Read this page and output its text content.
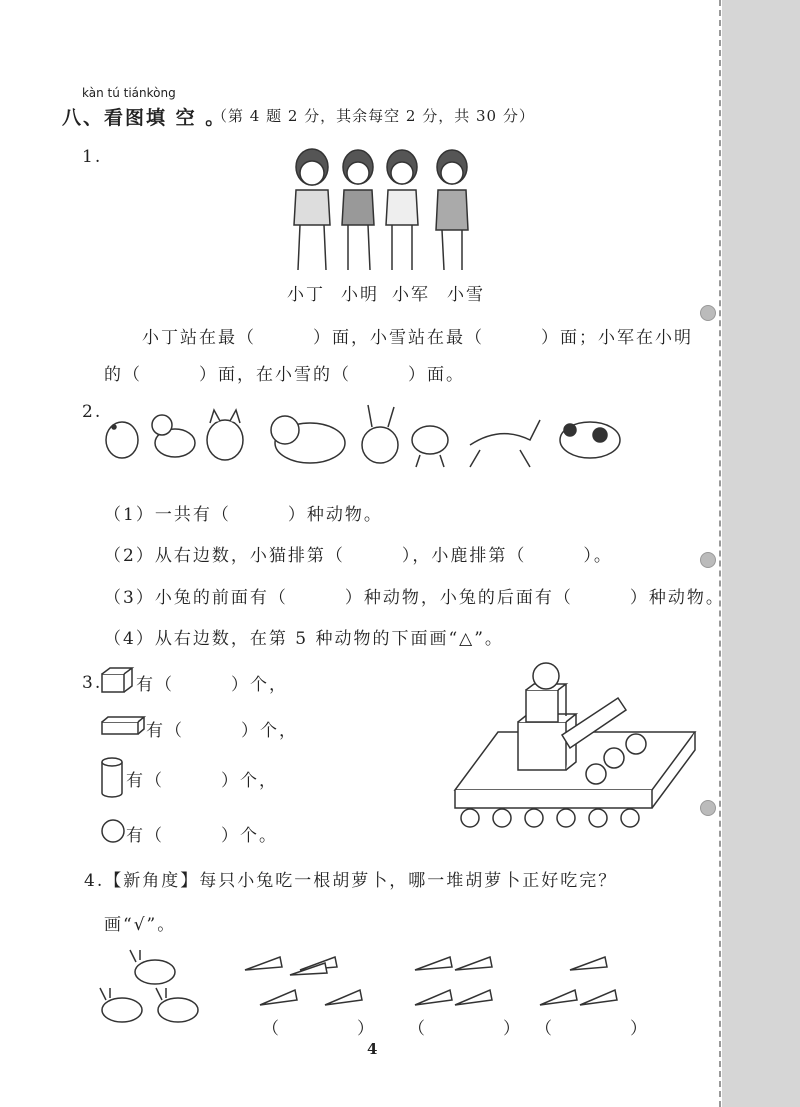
kàn tú tiánkòng
八、看图填 空 。
（第 4 题 2 分，其余每空 2 分，共 30 分）
1.
小丁 小明 小军 小雪
小丁站在最（　　　）面，小雪站在最（　　　）面；小军在小明
的（　　　）面，在小雪的（　　　）面。
2.
（1）一共有（　　　）种动物。
（2）从右边数，小猫排第（　　　），小鹿排第（　　　）。
（3）小兔的前面有（　　　）种动物，小兔的后面有（　　　）种动物。
（4）从右边数，在第 5 种动物的下面画“△”。
3. 有（　　　）个，
有（　　　）个，
有（　　　）个，
有（　　　）个。
4.【新角度】每只小兔吃一根胡萝卜，哪一堆胡萝卜正好吃完？
画“√”。
（　　　　） （　　　　） （　　　　）
4
